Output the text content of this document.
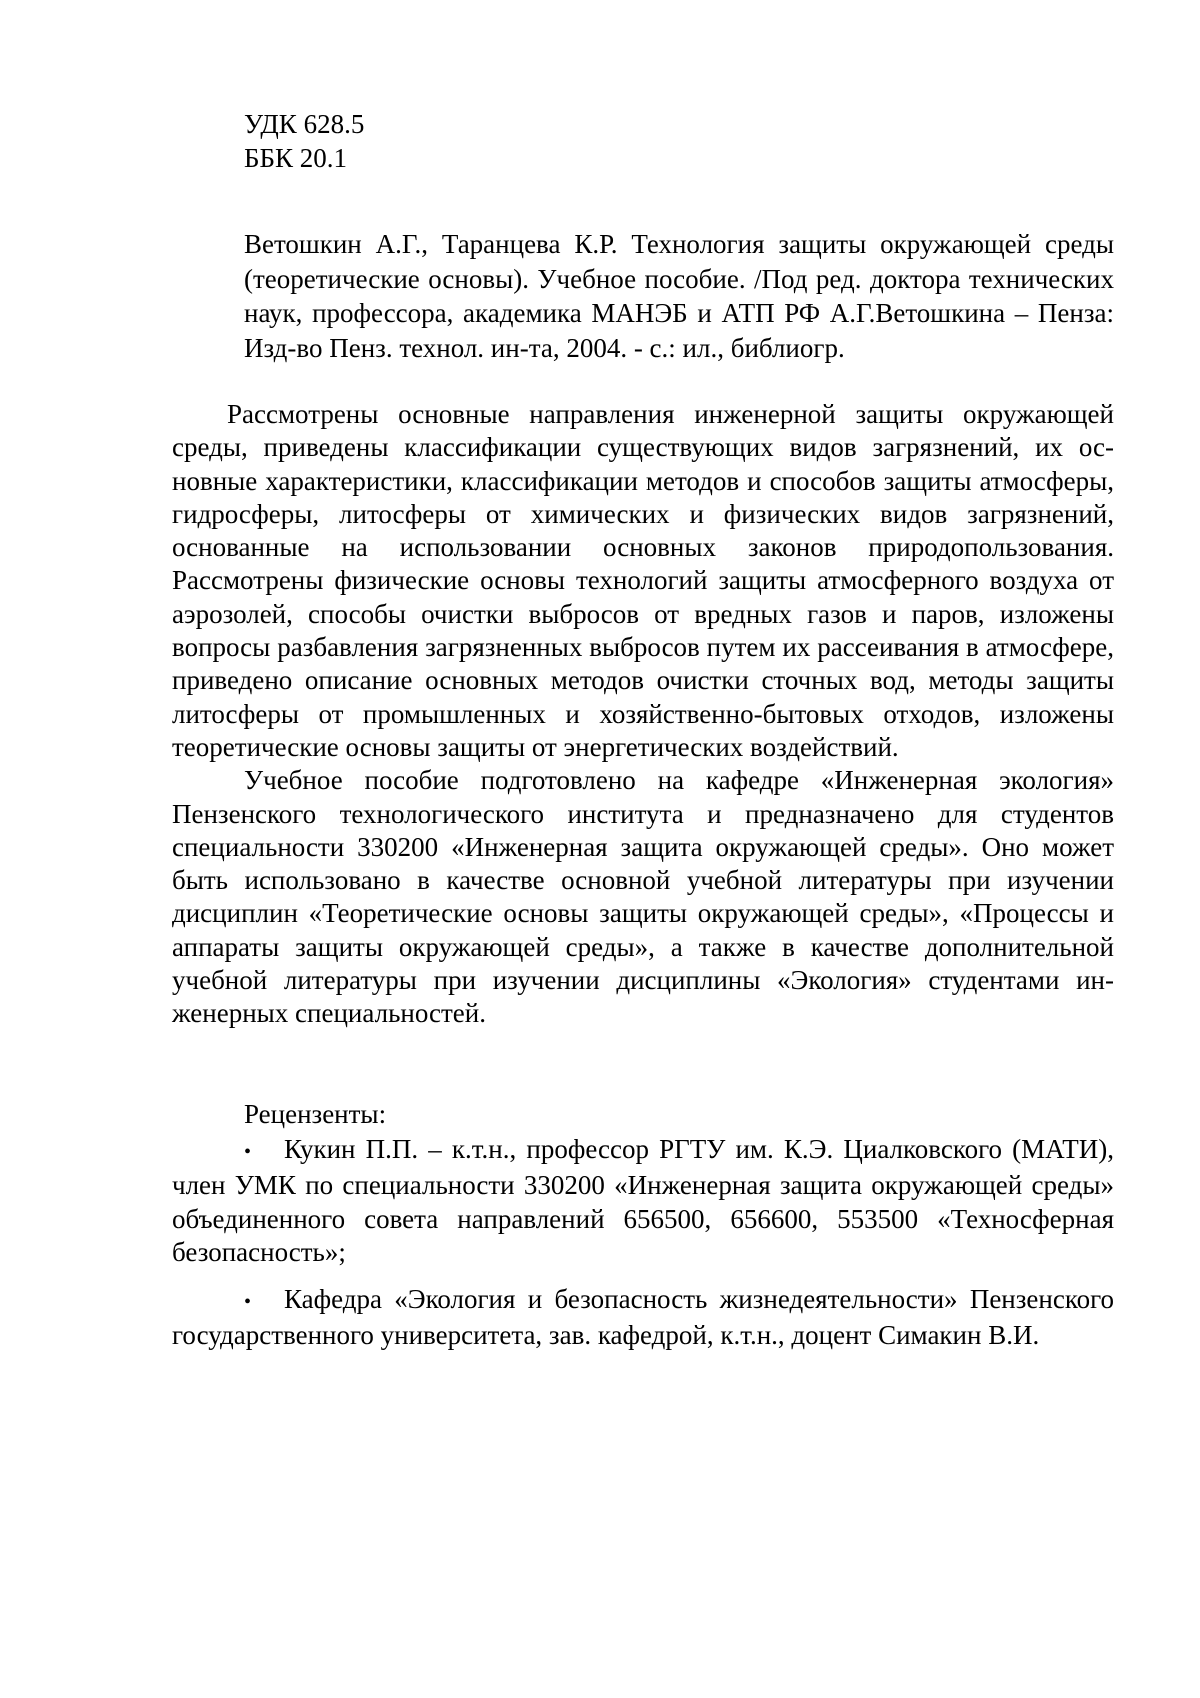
УДК 628.5
ББК 20.1
Ветошкин А.Г., Таранцева К.Р. Технология защиты окружающей среды (теоретические основы). Учебное пособие. /Под ред. доктора технических наук, профессора, академика МАНЭБ и АТП РФ А.Г.Ветошкина – Пенза: Изд-во Пенз. технол. ин-та, 2004. - с.: ил., библиогр.

Рассмотрены основные направления инженерной защиты окружающей среды, приведены классификации существующих видов загрязнений, их основные характеристики, классификации методов и способов защиты атмосферы, гидросферы, литосферы от химических и физических видов загрязнений, основанные на использовании основных законов природопользования. Рассмотрены физические основы технологий защиты атмосферного воздуха от аэрозолей, способы очистки выбросов от вредных газов и паров, изложены вопросы разбавления загрязненных выбросов путем их рассеивания в атмосфере, приведено описание основных методов очистки сточных вод, методы защиты литосферы от промышленных и хозяйственно-бытовых отходов, изложены теоретические основы защиты от энергетических воздействий.

Учебное пособие подготовлено на кафедре «Инженерная экология» Пензенского технологического института и предназначено для студентов специальности 330200 «Инженерная защита окружающей среды». Оно может быть использовано в качестве основной учебной литературы при изучении дисциплин «Теоретические основы защиты окружающей среды», «Процессы и аппараты защиты окружающей среды», а также в качестве дополнительной учебной литературы при изучении дисциплины «Экология» студентами инженерных специальностей.

Рецензенты:
• Кукин П.П. – к.т.н., профессор РГТУ им. К.Э. Циалковского (МАТИ), член УМК по специальности 330200 «Инженерная защита окружающей среды» объединенного совета направлений 656500, 656600, 553500 «Техносферная безопасность»;
• Кафедра «Экология и безопасность жизнедеятельности» Пензенского государственного университета, зав. кафедрой, к.т.н., доцент Симакин В.И.
